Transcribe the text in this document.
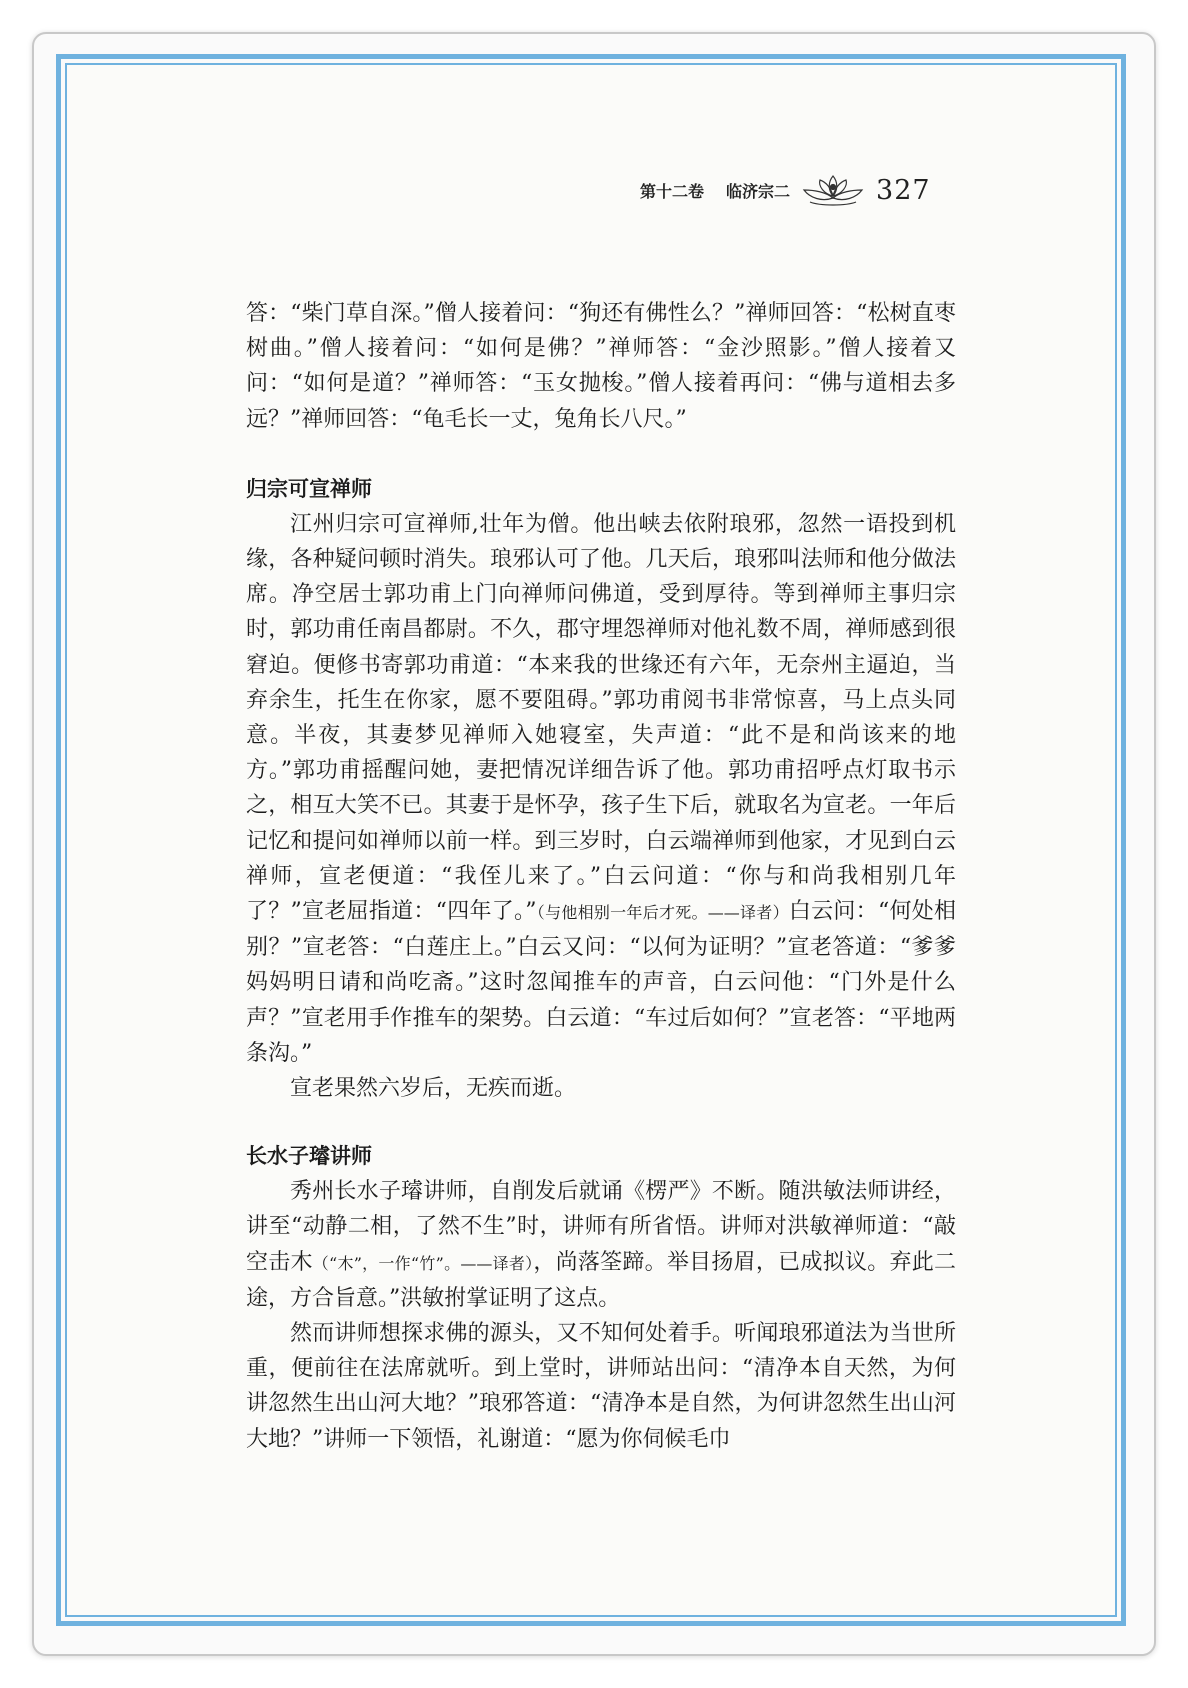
第十二卷 临济宗二	327

答：“柴门草自深。”僧人接着问：“狗还有佛性么？”禅师回答：“松树直枣树曲。”僧人接着问：“如何是佛？”禅师答：“金沙照影。”僧人接着又问：“如何是道？”禅师答：“玉女抛梭。”僧人接着再问：“佛与道相去多远？”禅师回答：“龟毛长一丈，兔角长八尺。”

归宗可宣禅师

江州归宗可宣禅师,壮年为僧。他出峡去依附琅邪，忽然一语投到机缘，各种疑问顿时消失。琅邪认可了他。几天后，琅邪叫法师和他分做法席。净空居士郭功甫上门向禅师问佛道，受到厚待。等到禅师主事归宗时，郭功甫任南昌都尉。不久，郡守埋怨禅师对他礼数不周，禅师感到很窘迫。便修书寄郭功甫道：“本来我的世缘还有六年，无奈州主逼迫，当弃余生，托生在你家，愿不要阻碍。”郭功甫阅书非常惊喜，马上点头同意。半夜，其妻梦见禅师入她寝室，失声道：“此不是和尚该来的地方。”郭功甫摇醒问她，妻把情况详细告诉了他。郭功甫招呼点灯取书示之，相互大笑不已。其妻于是怀孕，孩子生下后，就取名为宣老。一年后记忆和提问如禅师以前一样。到三岁时，白云端禅师到他家，才见到白云禅师，宣老便道：“我侄儿来了。”白云问道：“你与和尚我相别几年了？”宣老屈指道：“四年了。”（与他相别一年后才死。——译者）白云问：“何处相别？”宣老答：“白莲庄上。”白云又问：“以何为证明？”宣老答道：“爹爹妈妈明日请和尚吃斋。”这时忽闻推车的声音，白云问他：“门外是什么声？”宣老用手作推车的架势。白云道：“车过后如何？”宣老答：“平地两条沟。”

宣老果然六岁后，无疾而逝。

长水子璿讲师

秀州长水子璿讲师，自削发后就诵《楞严》不断。随洪敏法师讲经，讲至“动静二相，了然不生”时，讲师有所省悟。讲师对洪敏禅师道：“敲空击木（“木”，一作“竹”。——译者），尚落筌蹄。举目扬眉，已成拟议。弃此二途，方合旨意。”洪敏拊掌证明了这点。

然而讲师想探求佛的源头，又不知何处着手。听闻琅邪道法为当世所重，便前往在法席就听。到上堂时，讲师站出问：“清净本自天然，为何讲忽然生出山河大地？”琅邪答道：“清净本是自然，为何讲忽然生出山河大地？”讲师一下领悟，礼谢道：“愿为你伺候毛巾
